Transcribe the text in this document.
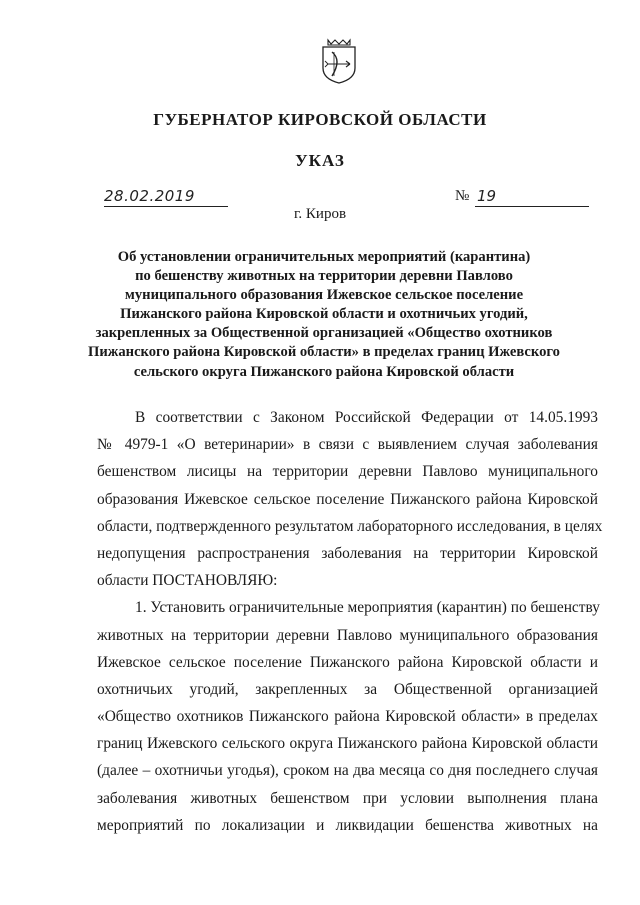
ГУБЕРНАТОР КИРОВСКОЙ ОБЛАСТИ
УКАЗ
28.02.2019	№ 19
г. Киров
Об установлении ограничительных мероприятий (карантина)
по бешенству животных на территории деревни Павлово
муниципального образования Ижевское сельское поселение
Пижанского района Кировской области и охотничьих угодий,
закрепленных за Общественной организацией «Общество охотников
Пижанского района Кировской области» в пределах границ Ижевского
сельского округа Пижанского района Кировской области
В соответствии с Законом Российской Федерации от 14.05.1993
№ 4979-1 «О ветеринарии» в связи с выявлением случая заболевания
бешенством лисицы на территории деревни Павлово муниципального
образования Ижевское сельское поселение Пижанского района Кировской
области, подтвержденного результатом лабораторного исследования, в целях
недопущения распространения заболевания на территории Кировской
области ПОСТАНОВЛЯЮ:
1. Установить ограничительные мероприятия (карантин) по бешенству
животных на территории деревни Павлово муниципального образования
Ижевское сельское поселение Пижанского района Кировской области и
охотничьих угодий, закрепленных за Общественной организацией
«Общество охотников Пижанского района Кировской области» в пределах
границ Ижевского сельского округа Пижанского района Кировской области
(далее – охотничьи угодья), сроком на два месяца со дня последнего случая
заболевания животных бешенством при условии выполнения плана
мероприятий по локализации и ликвидации бешенства животных на
